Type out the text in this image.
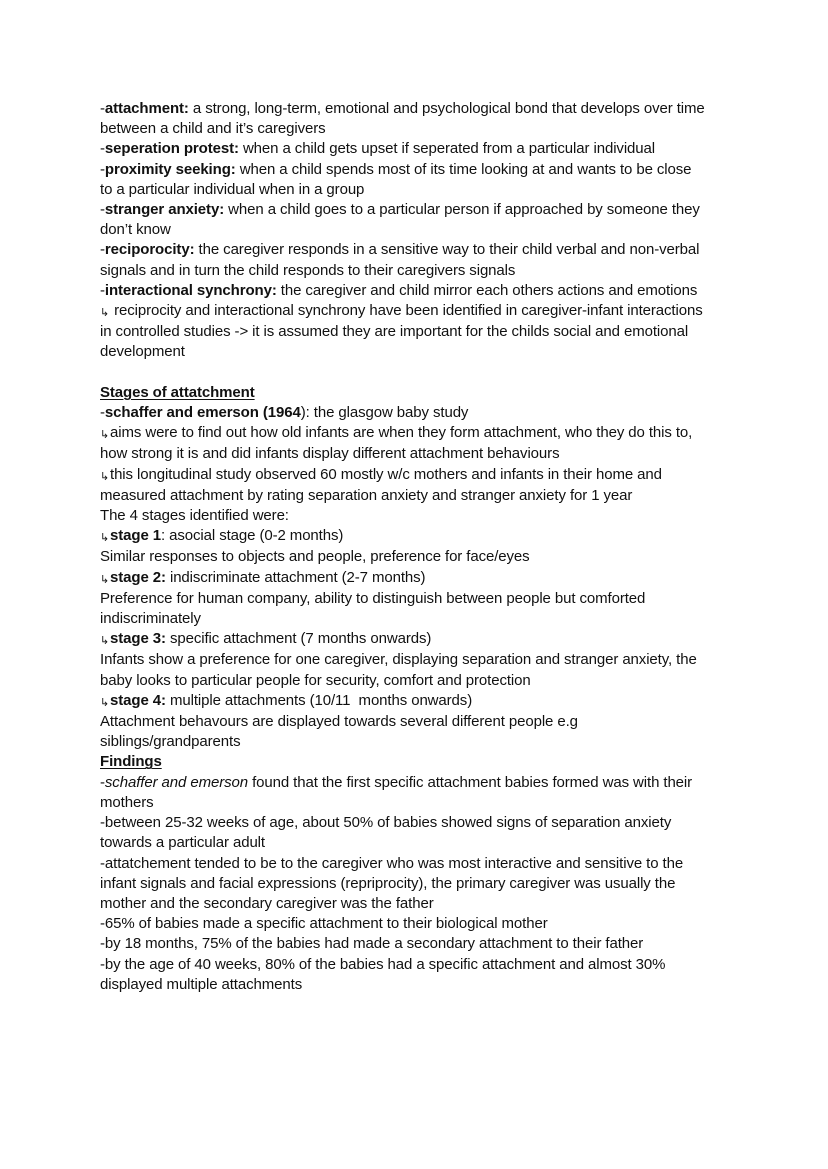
-attachment: a strong, long-term, emotional and psychological bond that develops over time
between a child and it’s caregivers
-seperation protest: when a child gets upset if seperated from a particular individual
-proximity seeking: when a child spends most of its time looking at and wants to be close
to a particular individual when in a group
-stranger anxiety: when a child goes to a particular person if approached by someone they
don’t know
-reciporocity: the caregiver responds in a sensitive way to their child verbal and non-verbal
signals and in turn the child responds to their caregivers signals
-interactional synchrony: the caregiver and child mirror each others actions and emotions
↳ reciprocity and interactional synchrony have been identified in caregiver-infant interactions
in controlled studies -> it is assumed they are important for the childs social and emotional
development
Stages of attatchment
-schaffer and emerson (1964): the glasgow baby study
↳aims were to find out how old infants are when they form attachment, who they do this to,
how strong it is and did infants display different attachment behaviours
↳this longitudinal study observed 60 mostly w/c mothers and infants in their home and
measured attachment by rating separation anxiety and stranger anxiety for 1 year
The 4 stages identified were:
↳stage 1: asocial stage (0-2 months)
Similar responses to objects and people, preference for face/eyes
↳stage 2: indiscriminate attachment (2-7 months)
Preference for human company, ability to distinguish between people but comforted
indiscriminately
↳stage 3: specific attachment (7 months onwards)
Infants show a preference for one caregiver, displaying separation and stranger anxiety, the
baby looks to particular people for security, comfort and protection
↳stage 4: multiple attachments (10/11  months onwards)
Attachment behavours are displayed towards several different people e.g
siblings/grandparents
Findings
-schaffer and emerson found that the first specific attachment babies formed was with their
mothers
-between 25-32 weeks of age, about 50% of babies showed signs of separation anxiety
towards a particular adult
-attatchement tended to be to the caregiver who was most interactive and sensitive to the
infant signals and facial expressions (repriprocity), the primary caregiver was usually the
mother and the secondary caregiver was the father
-65% of babies made a specific attachment to their biological mother
-by 18 months, 75% of the babies had made a secondary attachment to their father
-by the age of 40 weeks, 80% of the babies had a specific attachment and almost 30%
displayed multiple attachments
